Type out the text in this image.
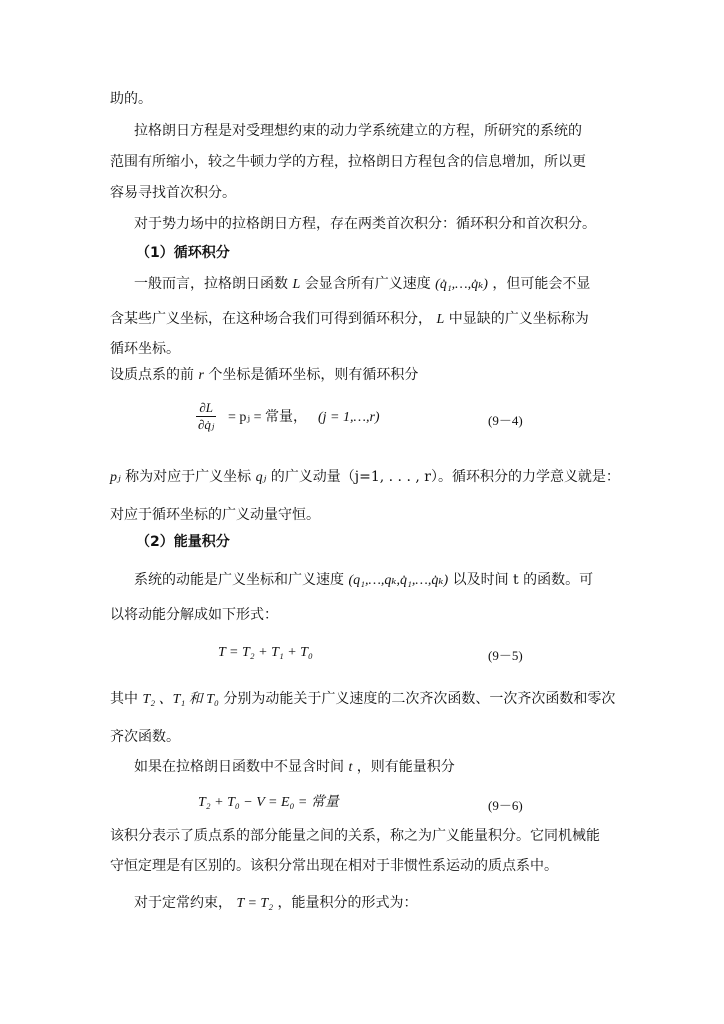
助的。
拉格朗日方程是对受理想约束的动力学系统建立的方程，所研究的系统的
范围有所缩小，较之牛顿力学的方程，拉格朗日方程包含的信息增加，所以更
容易寻找首次积分。
对于势力场中的拉格朗日方程，存在两类首次积分：循环积分和首次积分。
（1）循环积分
一般而言，拉格朗日函数 L 会显含所有广义速度 (q̇₁,…,q̇ₖ) ，但可能会不显
含某些广义坐标，在这种场合我们可得到循环积分， L 中显缺的广义坐标称为
循环坐标。
设质点系的前 r 个坐标是循环坐标，则有循环积分
$\frac{\partial L}{\text{∂q̇ⱼ}}$ = pⱼ = 常量， (j = 1,…,r)	(9－4)
pⱼ 称为对应于广义坐标 qⱼ 的广义动量（j=1, . . . , r）。循环积分的力学意义就是：
对应于循环坐标的广义动量守恒。
（2）能量积分
系统的动能是广义坐标和广义速度 (q₁,…,qₖ,q̇₁,…,q̇ₖ) 以及时间 t 的函数。可
以将动能分解成如下形式：
T = T₂ + T₁ + T₀	(9－5)
其中 T₂ 、T₁ 和 T₀ 分别为动能关于广义速度的二次齐次函数、一次齐次函数和零次
齐次函数。
如果在拉格朗日函数中不显含时间 t ，则有能量积分
T₂ + T₀ − V = E₀ = 常量	(9－6)
该积分表示了质点系的部分能量之间的关系，称之为广义能量积分。它同机械能
守恒定理是有区别的。该积分常出现在相对于非惯性系运动的质点系中。
对于定常约束， T = T₂ ，能量积分的形式为：
